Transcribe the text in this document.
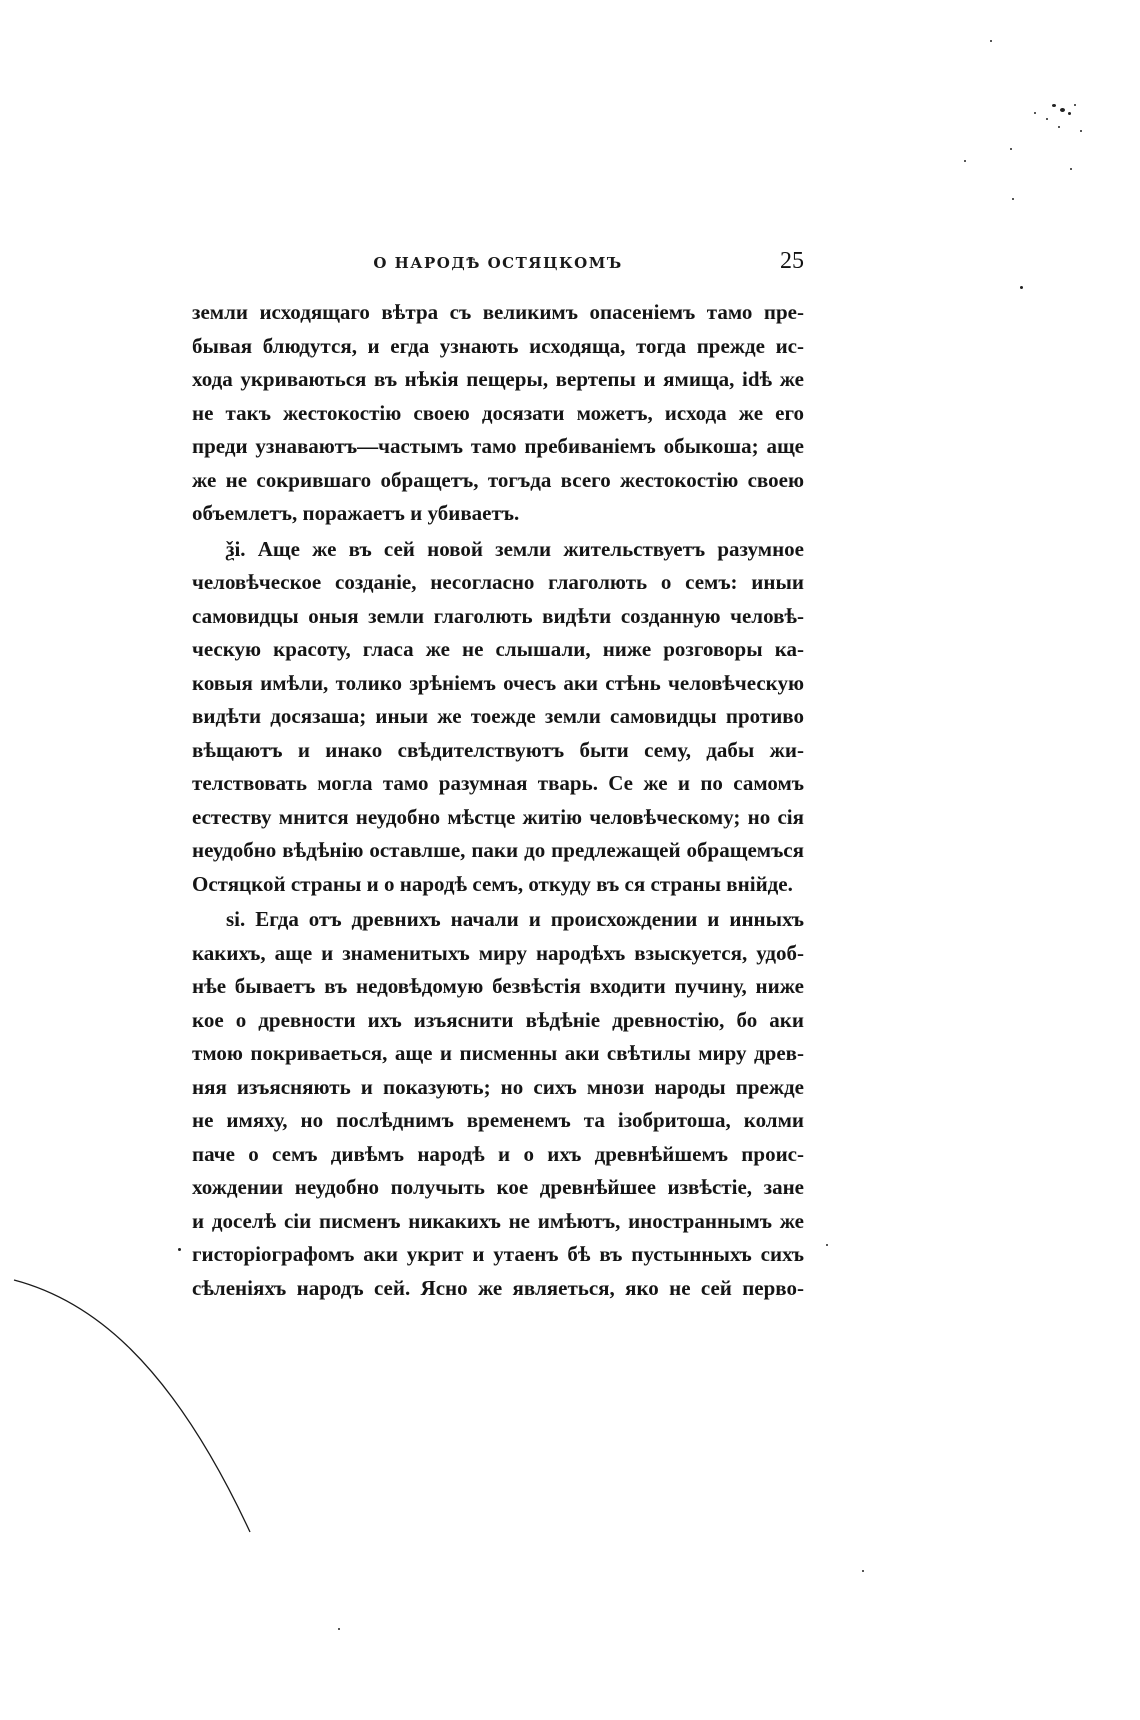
О НАРОДѢ ОСТЯЦКОМЪ	25
земли исходящаго вѣтра съ великимъ опасеніемъ тамо пре-
бывая блюдутся, и егда узнають исходяща, тогда прежде ис-
хода укриваються въ нѣкія пещеры, вертепы и ямища, idѣ же
не такъ жестокостію своею досязати можетъ, исхода же его
преди узнаваютъ—частымъ тамо пребиваніемъ обыкоша; аще
же не сокрившаго обращетъ, тогъда всего жестокостію своею
объемлетъ, поражаетъ и убиваетъ.
ѯі. Аще же въ сей новой земли жительствуетъ разумное
человѣческое созданіе, несогласно глаголють о семъ: иныи
самовидцы оныя земли глаголють видѣти созданную человѣ-
ческую красоту, гласа же не слышали, ниже розговоры ка-
ковыя имѣли, толико зрѣніемъ очесъ аки стѣнь человѣческую
видѣти досязаша; иныи же тоежде земли самовидцы противо
вѣщаютъ и инако свѣдителствуютъ быти сему, дабы жи-
телствовать могла тамо разумная тварь. Се же и по самомъ
естеству мнится неудобно мѣстце житію человѣческому; но сія
неудобно вѣдѣнію оставлше, паки до предлежащей обращемъся
Остяцкой страны и о народѣ семъ, откуду въ ся страны внійде.
ѕі. Егда отъ древнихъ начали и происхождении и инныхъ
какихъ, аще и знаменитыхъ миру народѣхъ взыскуется, удоб-
нѣе бываетъ въ недовѣдомую безвѣстія входити пучину, ниже
кое о древности ихъ изъяснити вѣдѣніе древностію, бо аки
тмою покриваеться, аще и писменны аки свѣтилы миру древ-
няя изъясняють и показують; но сихъ мнози народы прежде
не имяху, но послѣднимъ временемъ та ізобритоша, колми
паче о семъ дивѣмъ народѣ и о ихъ древнѣйшемъ проис-
хождении неудобно получыть кое древнѣйшее извѣстіе, зане
и доселѣ сіи писменъ никакихъ не имѣютъ, иностраннымъ же
гисторіографомъ аки укрит и утаенъ бѣ въ пустынныхъ сихъ
сѣленіяхъ народъ сей. Ясно же являеться, яко не сей перво-
